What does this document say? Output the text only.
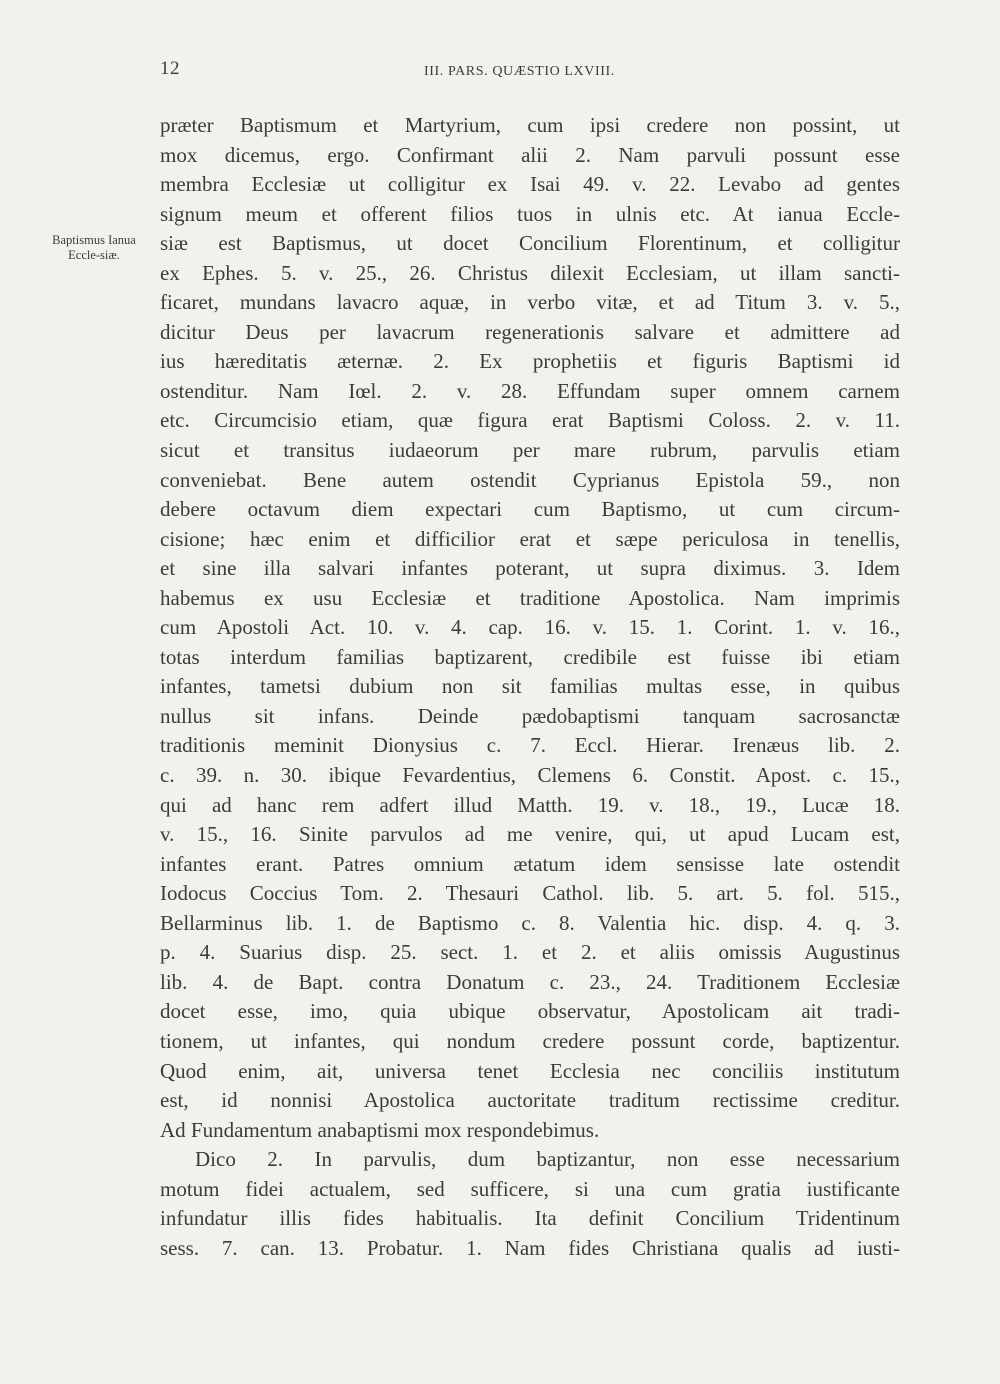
12	III. PARS. QUÆSTIO LXVIII.
Baptismus Ianua Eccle-siæ.
præter Baptismum et Martyrium, cum ipsi credere non possint, ut
mox dicemus, ergo. Confirmant alii 2. Nam parvuli possunt esse
membra Ecclesiæ ut colligitur ex Isai 49. v. 22. Levabo ad gentes
signum meum et offerent filios tuos in ulnis etc. At ianua Eccle-
siæ est Baptismus, ut docet Concilium Florentinum, et colligitur
ex Ephes. 5. v. 25., 26. Christus dilexit Ecclesiam, ut illam sancti-
ficaret, mundans lavacro aquæ, in verbo vitæ, et ad Titum 3. v. 5.,
dicitur Deus per lavacrum regenerationis salvare et admittere ad
ius hæreditatis æternæ. 2. Ex prophetiis et figuris Baptismi id
ostenditur. Nam Iœl. 2. v. 28. Effundam super omnem carnem
etc. Circumcisio etiam, quæ figura erat Baptismi Coloss. 2. v. 11.
sicut et transitus iudaeorum per mare rubrum, parvulis etiam
conveniebat. Bene autem ostendit Cyprianus Epistola 59., non
debere octavum diem expectari cum Baptismo, ut cum circum-
cisione; hæc enim et difficilior erat et sæpe periculosa in tenellis,
et sine illa salvari infantes poterant, ut supra diximus. 3. Idem
habemus ex usu Ecclesiæ et traditione Apostolica. Nam imprimis
cum Apostoli Act. 10. v. 4. cap. 16. v. 15. 1. Corint. 1. v. 16.,
totas interdum familias baptizarent, credibile est fuisse ibi etiam
infantes, tametsi dubium non sit familias multas esse, in quibus
nullus sit infans. Deinde pædobaptismi tanquam sacrosanctæ
traditionis meminit Dionysius c. 7. Eccl. Hierar. Irenæus lib. 2.
c. 39. n. 30. ibique Fevardentius, Clemens 6. Constit. Apost. c. 15.,
qui ad hanc rem adfert illud Matth. 19. v. 18., 19., Lucæ 18.
v. 15., 16. Sinite parvulos ad me venire, qui, ut apud Lucam est,
infantes erant. Patres omnium ætatum idem sensisse late ostendit
Iodocus Coccius Tom. 2. Thesauri Cathol. lib. 5. art. 5. fol. 515.,
Bellarminus lib. 1. de Baptismo c. 8. Valentia hic. disp. 4. q. 3.
p. 4. Suarius disp. 25. sect. 1. et 2. et aliis omissis Augustinus
lib. 4. de Bapt. contra Donatum c. 23., 24. Traditionem Ecclesiæ
docet esse, imo, quia ubique observatur, Apostolicam ait tradi-
tionem, ut infantes, qui nondum credere possunt corde, baptizentur.
Quod enim, ait, universa tenet Ecclesia nec conciliis institutum
est, id nonnisi Apostolica auctoritate traditum rectissime creditur.
Ad Fundamentum anabaptismi mox respondebimus.
Dico 2. In parvulis, dum baptizantur, non esse necessarium
motum fidei actualem, sed sufficere, si una cum gratia iustificante
infundatur illis fides habitualis. Ita definit Concilium Tridentinum
sess. 7. can. 13. Probatur. 1. Nam fides Christiana qualis ad iusti-
